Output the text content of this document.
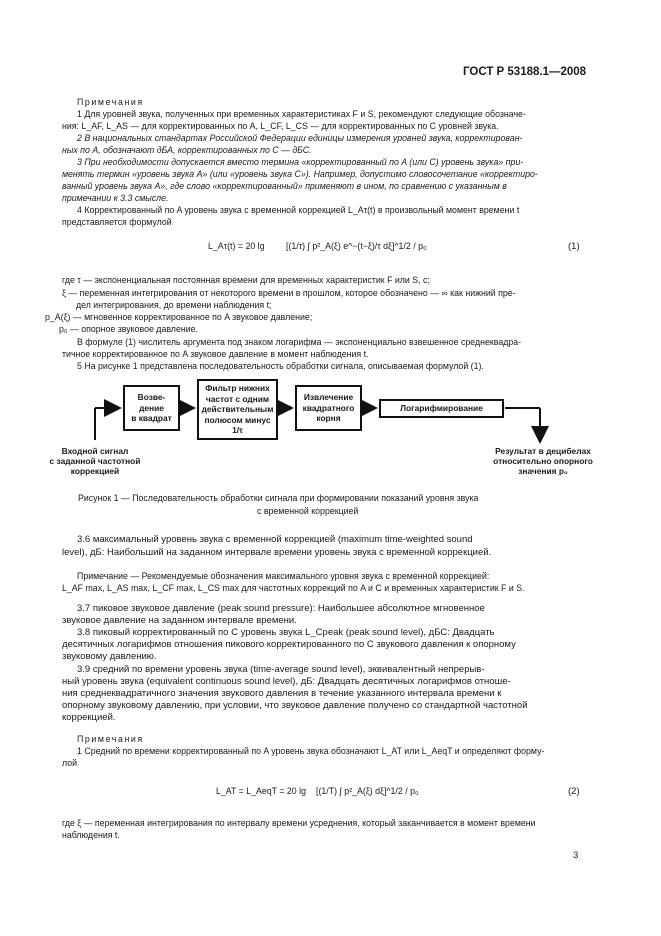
ГОСТ Р 53188.1—2008
Примечания
1 Для уровней звука, полученных при временных характеристиках F и S, рекомендуют следующие обозначе-
ния: L_AF, L_AS — для корректированных по A, L_CF, L_CS — для корректированных по C уровней звука.
2 В национальных стандартах Российской Федерации единицы измерения уровней звука, корректирован-
ных по A, обозначают дБА, корректированных по C — дБС.
3 При необходимости допускается вместо термина «корректированный по A (или C) уровень звука» при-
менять термин «уровень звука A» (или «уровень звука C»). Например, допустимо словосочетание «корректиро-
ванный уровень звука A», где слово «корректированный» применяют в ином, по сравнению с указанным в
примечании к 3.3 смысле.
4 Корректированный по A уровень звука с временной коррекцией L_Aτ(t) в произвольный момент времени t
представляется формулой
L_Aτ(t) = 20 lg [(1/τ) ∫ p²_A(ξ) e^−(t−ξ)/τ dξ]^1/2 / p₀	(1)
где τ — экспоненциальная постоянная времени для временных характеристик F или S, с;
ξ — переменная интегрирования от некоторого времени в прошлом, которое обозначено — ∞ как нижний пре-
дел интегрирования, до времени наблюдения t;
p_A(ξ) — мгновенное корректированное по A звуковое давление;
p₀ — опорное звуковое давление.
В формуле (1) числитель аргумента под знаком логарифма — экспоненциально взвешенное среднеквадра-
тичное корректированное по A звуковое давление в момент наблюдения t.
5 На рисунке 1 представлена последовательность обработки сигнала, описываемая формулой (1).
Возве-
дение
в квадрат
Фильтр нижних
частот с одним
действительным
полюсом минус
1/τ
Извлечение
квадратного
корня
Логарифмирование
Входной сигнал
с заданной частотной
коррекцией
Результат в децибелах
относительно опорного
значения p₀
Рисунок 1 — Последовательность обработки сигнала при формировании показаний уровня звука
с временной коррекцией
3.6 максимальный уровень звука с временной коррекцией (maximum time-weighted sound
level), дБ: Наибольший на заданном интервале времени уровень звука с временной коррекцией.
Примечание — Рекомендуемые обозначения максимального уровня звука с временной коррекцией:
L_AF max, L_AS max, L_CF max, L_CS max для частотных коррекций по A и C и временных характеристик F и S.
3.7 пиковое звуковое давление (peak sound pressure): Наибольшее абсолютное мгновенное
звуковое давление на заданном интервале времени.
3.8 пиковый корректированный по C уровень звука L_Cpeak (peak sound level), дБС: Двадцать
десятичных логарифмов отношения пикового корректированного по C звукового давления к опорному
звуковому давлению.
3.9 средний по времени уровень звука (time-average sound level), эквивалентный непрерыв-
ный уровень звука (equivalent continuous sound level), дБ: Двадцать десятичных логарифмов отноше-
ния среднеквадратичного значения звукового давления в течение указанного интервала времени к
опорному звуковому давлению, при условии, что звуковое давление получено со стандартной частотной
коррекцией.
Примечания
1 Средний по времени корректированный по A уровень звука обозначают L_AT или L_AeqT и определяют форму-
лой
L_AT = L_AeqT = 20 lg [(1/T) ∫ p²_A(ξ) dξ]^1/2 / p₀	(2)
где ξ — переменная интегрирования по интервалу времени усреднения, который заканчивается в момент времени
наблюдения t.
3
